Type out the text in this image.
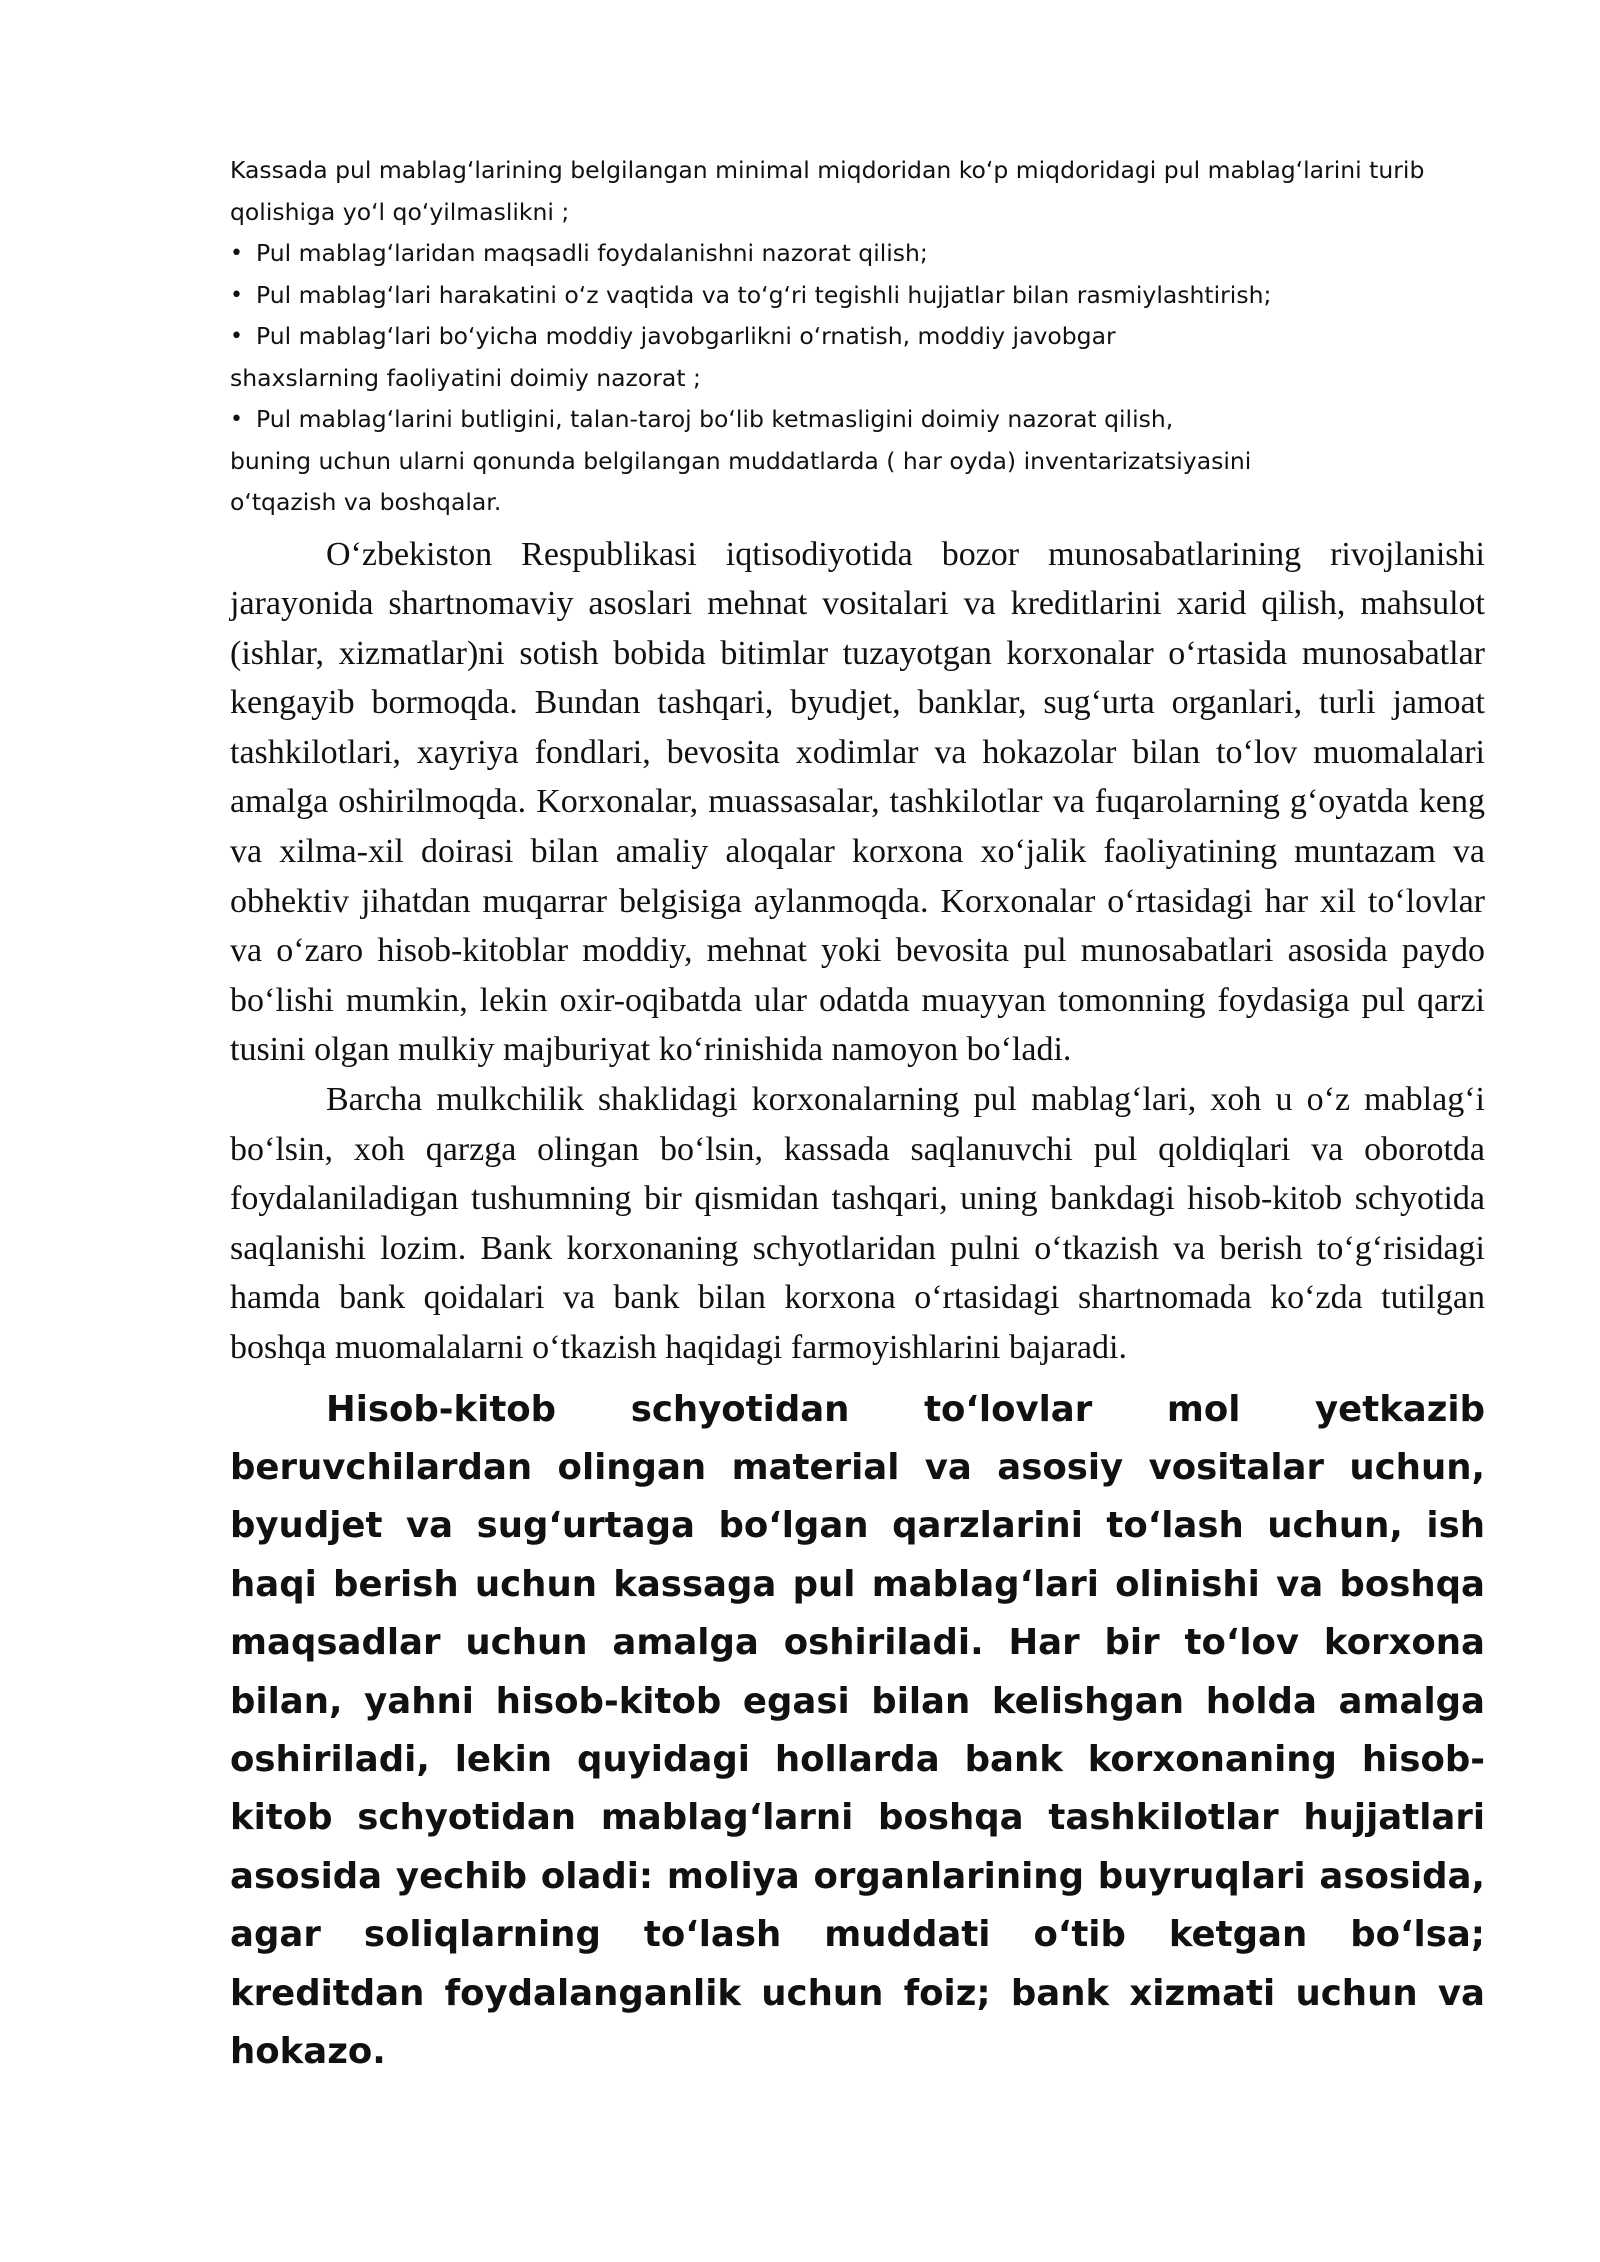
Kassada pul mablag‘larining belgilangan minimal miqdoridan ko‘p miqdoridagi pul mablag‘larini turib qolishiga yo‘l qo‘yilmaslikni ;

• Pul mablag‘laridan maqsadli foydalanishni nazorat qilish;
• Pul mablag‘lari harakatini o‘z vaqtida va to‘g‘ri tegishli hujjatlar bilan rasmiylashtirish;
• Pul mablag‘lari bo‘yicha moddiy javobgarlikni o‘rnatish, moddiy javobgar

shaxslarning faoliyatini doimiy nazorat ;

• Pul mablag‘larini butligini, talan-taroj bo‘lib ketmasligini doimiy nazorat qilish,

buning uchun ularni qonunda belgilangan muddatlarda ( har oyda) inventarizatsiyasini

o‘tqazish va boshqalar.

O‘zbekiston Respublikasi iqtisodiyotida bozor munosabatlarining rivojlanishi jarayonida shartnomaviy asoslari mehnat vositalari va kreditlarini xarid qilish, mahsulot (ishlar, xizmatlar)ni sotish bobida bitimlar tuzayotgan korxonalar o‘rtasida munosabatlar kengayib bormoqda. Bundan tashqari, byudjet, banklar, sug‘urta organlari, turli jamoat tashkilotlari, xayriya fondlari, bevosita xodimlar va hokazolar bilan to‘lov muomalalari amalga oshirilmoqda. Korxonalar, muassasalar, tashkilotlar va fuqarolarning g‘oyatda keng va xilma-xil doirasi bilan amaliy aloqalar korxona xo‘jalik faoliyatining muntazam va obhektiv jihatdan muqarrar belgisiga aylanmoqda. Korxonalar o‘rtasidagi har xil to‘lovlar va o‘zaro hisob-kitoblar moddiy, mehnat yoki bevosita pul munosabatlari asosida paydo bo‘lishi mumkin, lekin oxir-oqibatda ular odatda muayyan tomonning foydasiga pul qarzi tusini olgan mulkiy majburiyat ko‘rinishida namoyon bo‘ladi.

Barcha mulkchilik shaklidagi korxonalarning pul mablag‘lari, xoh u o‘z mablag‘i bo‘lsin, xoh qarzga olingan bo‘lsin, kassada saqlanuvchi pul qoldiqlari va oborotda foydalaniladigan tushumning bir qismidan tashqari, uning bankdagi hisob-kitob schyotida saqlanishi lozim. Bank korxonaning schyotlaridan pulni o‘tkazish va berish to‘g‘risidagi hamda bank qoidalari va bank bilan korxona o‘rtasidagi shartnomada ko‘zda tutilgan boshqa muomalalarni o‘tkazish haqidagi farmoyishlarini bajaradi.

Hisob-kitob schyotidan to‘lovlar mol yetkazib beruvchilardan olingan material va asosiy vositalar uchun, byudjet va sug‘urtaga bo‘lgan qarzlarini to‘lash uchun, ish haqi berish uchun kassaga pul mablag‘lari olinishi va boshqa maqsadlar uchun amalga oshiriladi. Har bir to‘lov korxona bilan, yahni hisob-kitob egasi bilan kelishgan holda amalga oshiriladi, lekin quyidagi hollarda bank korxonaning hisob-kitob schyotidan mablag‘larni boshqa tashkilotlar hujjatlari asosida yechib oladi: moliya organlarining buyruqlari asosida, agar soliqlarning to‘lash muddati o‘tib ketgan bo‘lsa; kreditdan foydalanganlik uchun foiz; bank xizmati uchun va hokazo.
